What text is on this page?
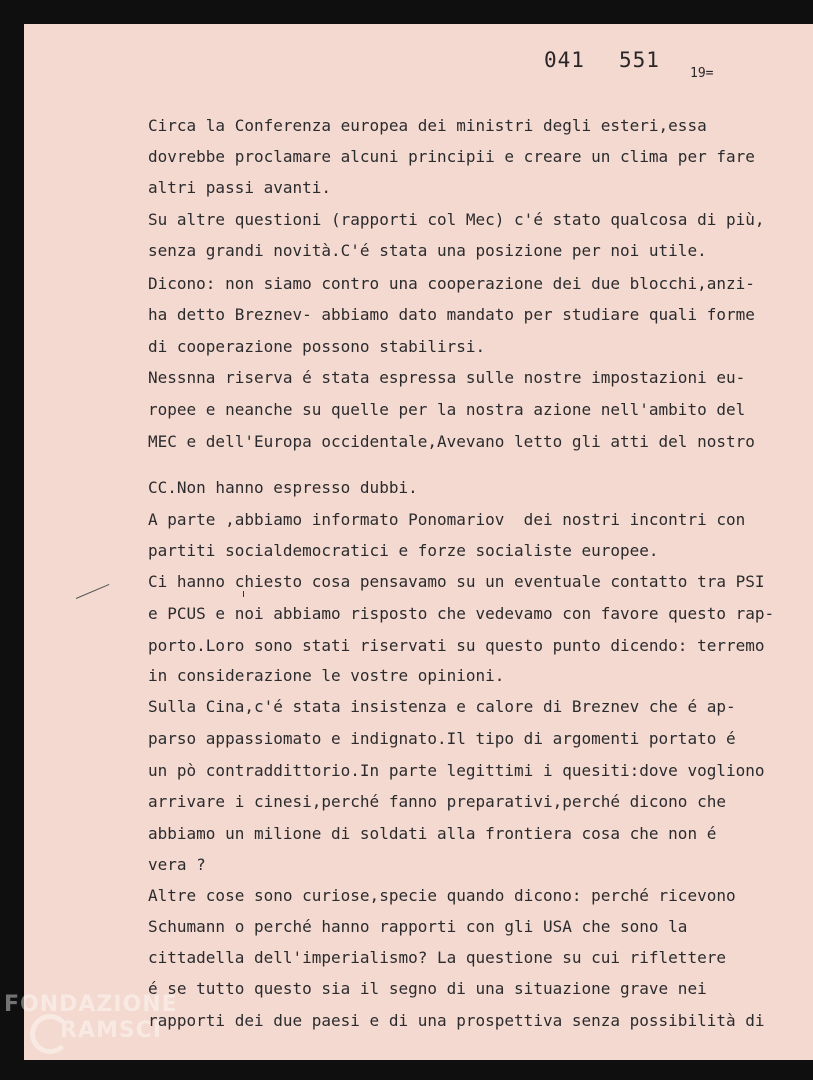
041 551
19=
Circa la Conferenza europea dei ministri degli esteri,essa
dovrebbe proclamare alcuni principii e creare un clima per fare
altri passi avanti.
Su altre questioni (rapporti col Mec) c'é stato qualcosa di più,
senza grandi novità.C'é stata una posizione per noi utile.
Dicono: non siamo contro una cooperazione dei due blocchi,anzi-
ha detto Breznev- abbiamo dato mandato per studiare quali forme
di cooperazione possono stabilirsi.
Nessnna riserva é stata espressa sulle nostre impostazioni eu-
ropee e neanche su quelle per la nostra azione nell'ambito del
MEC e dell'Europa occidentale,Avevano letto gli atti del nostro
CC.Non hanno espresso dubbi.
A parte ,abbiamo informato Ponomariov  dei nostri incontri con
partiti socialdemocratici e forze socialiste europee.
Ci hanno chiesto cosa pensavamo su un eventuale contatto tra PSI
e PCUS e noi abbiamo risposto che vedevamo con favore questo rap-
porto.Loro sono stati riservati su questo punto dicendo: terremo
in considerazione le vostre opinioni.
Sulla Cina,c'é stata insistenza e calore di Breznev che é ap-
parso appassiomato e indignato.Il tipo di argomenti portato é
un pò contraddittorio.In parte legittimi i quesiti:dove vogliono
arrivare i cinesi,perché fanno preparativi,perché dicono che
abbiamo un milione di soldati alla frontiera cosa che non é
vera ?
Altre cose sono curiose,specie quando dicono: perché ricevono
Schumann o perché hanno rapporti con gli USA che sono la
cittadella dell'imperialismo? La questione su cui riflettere
é se tutto questo sia il segno di una situazione grave nei
rapporti dei due paesi e di una prospettiva senza possibilità di
FONDAZIONE
RAMSCI
